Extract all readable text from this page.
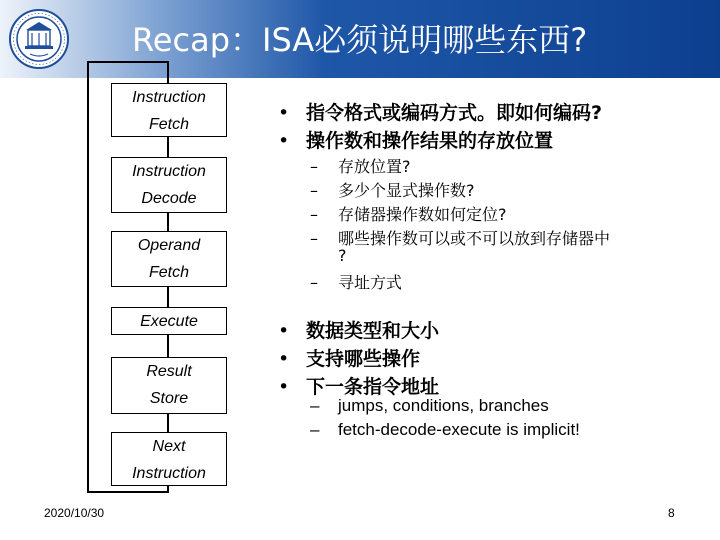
Recap：ISA必须说明哪些东西?
Instruction
Fetch
Instruction
Decode
Operand
Fetch
Execute
Result
Store
Next
Instruction
• 指令格式或编码方式。即如何编码?
• 操作数和操作结果的存放位置
– 存放位置?
– 多少个显式操作数?
– 存储器操作数如何定位?
– 哪些操作数可以或不可以放到存储器中
?
– 寻址方式
• 数据类型和大小
• 支持哪些操作
• 下一条指令地址
– jumps, conditions, branches
– fetch-decode-execute is implicit!
2020/10/30	8
